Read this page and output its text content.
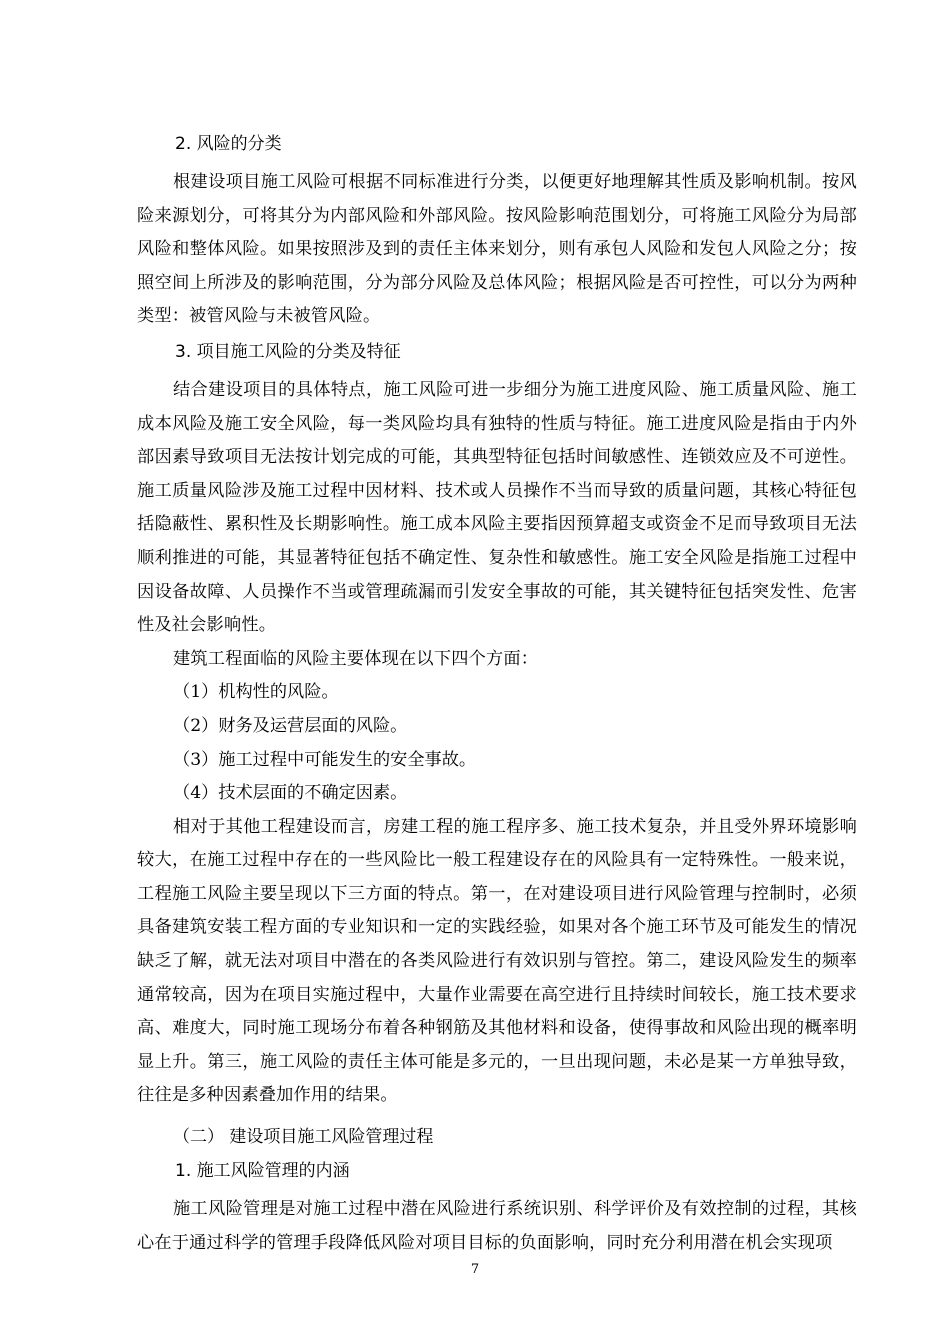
2. 风险的分类

根建设项目施工风险可根据不同标准进行分类，以便更好地理解其性质及影响机制。按风险来源划分，可将其分为内部风险和外部风险。按风险影响范围划分，可将施工风险分为局部风险和整体风险。如果按照涉及到的责任主体来划分，则有承包人风险和发包人风险之分；按照空间上所涉及的影响范围，分为部分风险及总体风险；根据风险是否可控性，可以分为两种类型：被管风险与未被管风险。

3. 项目施工风险的分类及特征

结合建设项目的具体特点，施工风险可进一步细分为施工进度风险、施工质量风险、施工成本风险及施工安全风险，每一类风险均具有独特的性质与特征。施工进度风险是指由于内外部因素导致项目无法按计划完成的可能，其典型特征包括时间敏感性、连锁效应及不可逆性。施工质量风险涉及施工过程中因材料、技术或人员操作不当而导致的质量问题，其核心特征包括隐蔽性、累积性及长期影响性。施工成本风险主要指因预算超支或资金不足而导致项目无法顺利推进的可能，其显著特征包括不确定性、复杂性和敏感性。施工安全风险是指施工过程中因设备故障、人员操作不当或管理疏漏而引发安全事故的可能，其关键特征包括突发性、危害性及社会影响性。

建筑工程面临的风险主要体现在以下四个方面：

（1）机构性的风险。

（2）财务及运营层面的风险。

（3）施工过程中可能发生的安全事故。

（4）技术层面的不确定因素。

相对于其他工程建设而言，房建工程的施工程序多、施工技术复杂，并且受外界环境影响较大，在施工过程中存在的一些风险比一般工程建设存在的风险具有一定特殊性。一般来说，工程施工风险主要呈现以下三方面的特点。第一，在对建设项目进行风险管理与控制时，必须具备建筑安装工程方面的专业知识和一定的实践经验，如果对各个施工环节及可能发生的情况缺乏了解，就无法对项目中潜在的各类风险进行有效识别与管控。第二，建设风险发生的频率通常较高，因为在项目实施过程中，大量作业需要在高空进行且持续时间较长，施工技术要求高、难度大，同时施工现场分布着各种钢筋及其他材料和设备，使得事故和风险出现的概率明显上升。第三，施工风险的责任主体可能是多元的，一旦出现问题，未必是某一方单独导致，往往是多种因素叠加作用的结果。

（二） 建设项目施工风险管理过程
1. 施工风险管理的内涵

施工风险管理是对施工过程中潜在风险进行系统识别、科学评价及有效控制的过程，其核心在于通过科学的管理手段降低风险对项目目标的负面影响，同时充分利用潜在机会实现项

7
